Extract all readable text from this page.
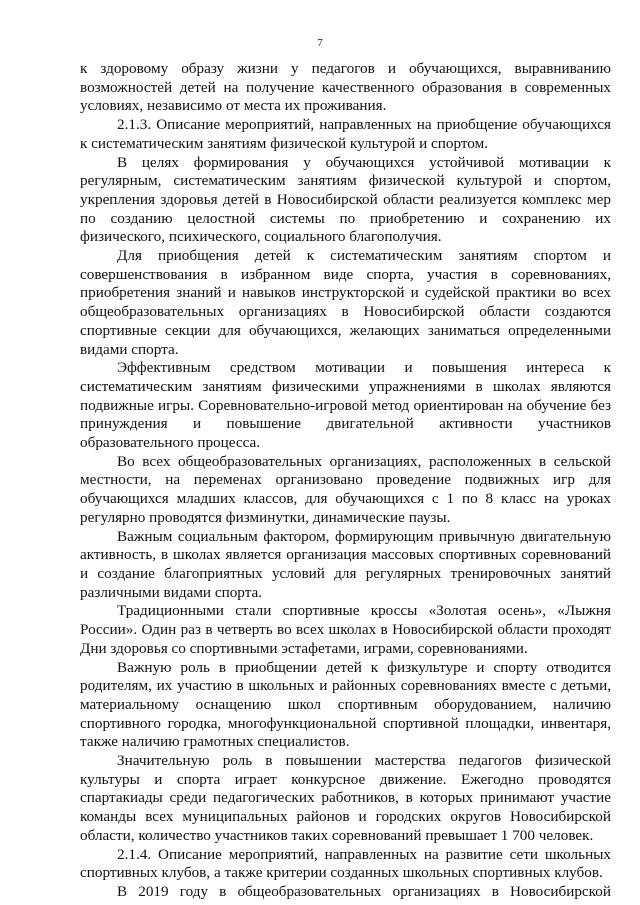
7

к здоровому образу жизни у педагогов и обучающихся, выравниванию возможностей детей на получение качественного образования в современных условиях, независимо от места их проживания.

2.1.3. Описание мероприятий, направленных на приобщение обучающихся к систематическим занятиям физической культурой и спортом.

В целях формирования у обучающихся устойчивой мотивации к регулярным, систематическим занятиям физической культурой и спортом, укрепления здоровья детей в Новосибирской области реализуется комплекс мер по созданию целостной системы по приобретению и сохранению их физического, психического, социального благополучия.

Для приобщения детей к систематическим занятиям спортом и совершенствования в избранном виде спорта, участия в соревнованиях, приобретения знаний и навыков инструкторской и судейской практики во всех общеобразовательных организациях в Новосибирской области создаются спортивные секции для обучающихся, желающих заниматься определенными видами спорта.

Эффективным средством мотивации и повышения интереса к систематическим занятиям физическими упражнениями в школах являются подвижные игры. Соревновательно-игровой метод ориентирован на обучение без принуждения и повышение двигательной активности участников образовательного процесса.

Во всех общеобразовательных организациях, расположенных в сельской местности, на переменах организовано проведение подвижных игр для обучающихся младших классов, для обучающихся с 1 по 8 класс на уроках регулярно проводятся физминутки, динамические паузы.

Важным социальным фактором, формирующим привычную двигательную активность, в школах является организация массовых спортивных соревнований и создание благоприятных условий для регулярных тренировочных занятий различными видами спорта.

Традиционными стали спортивные кроссы «Золотая осень», «Лыжня России». Один раз в четверть во всех школах в Новосибирской области проходят Дни здоровья со спортивными эстафетами, играми, соревнованиями.

Важную роль в приобщении детей к физкультуре и спорту отводится родителям, их участию в школьных и районных соревнованиях вместе с детьми, материальному оснащению школ спортивным оборудованием, наличию спортивного городка, многофункциональной спортивной площадки, инвентаря, также наличию грамотных специалистов.

Значительную роль в повышении мастерства педагогов физической культуры и спорта играет конкурсное движение. Ежегодно проводятся спартакиады среди педагогических работников, в которых принимают участие команды всех муниципальных районов и городских округов Новосибирской области, количество участников таких соревнований превышает 1 700 человек.

2.1.4. Описание мероприятий, направленных на развитие сети школьных спортивных клубов, а также критерии созданных школьных спортивных клубов.

В 2019 году в общеобразовательных организациях в Новосибирской
